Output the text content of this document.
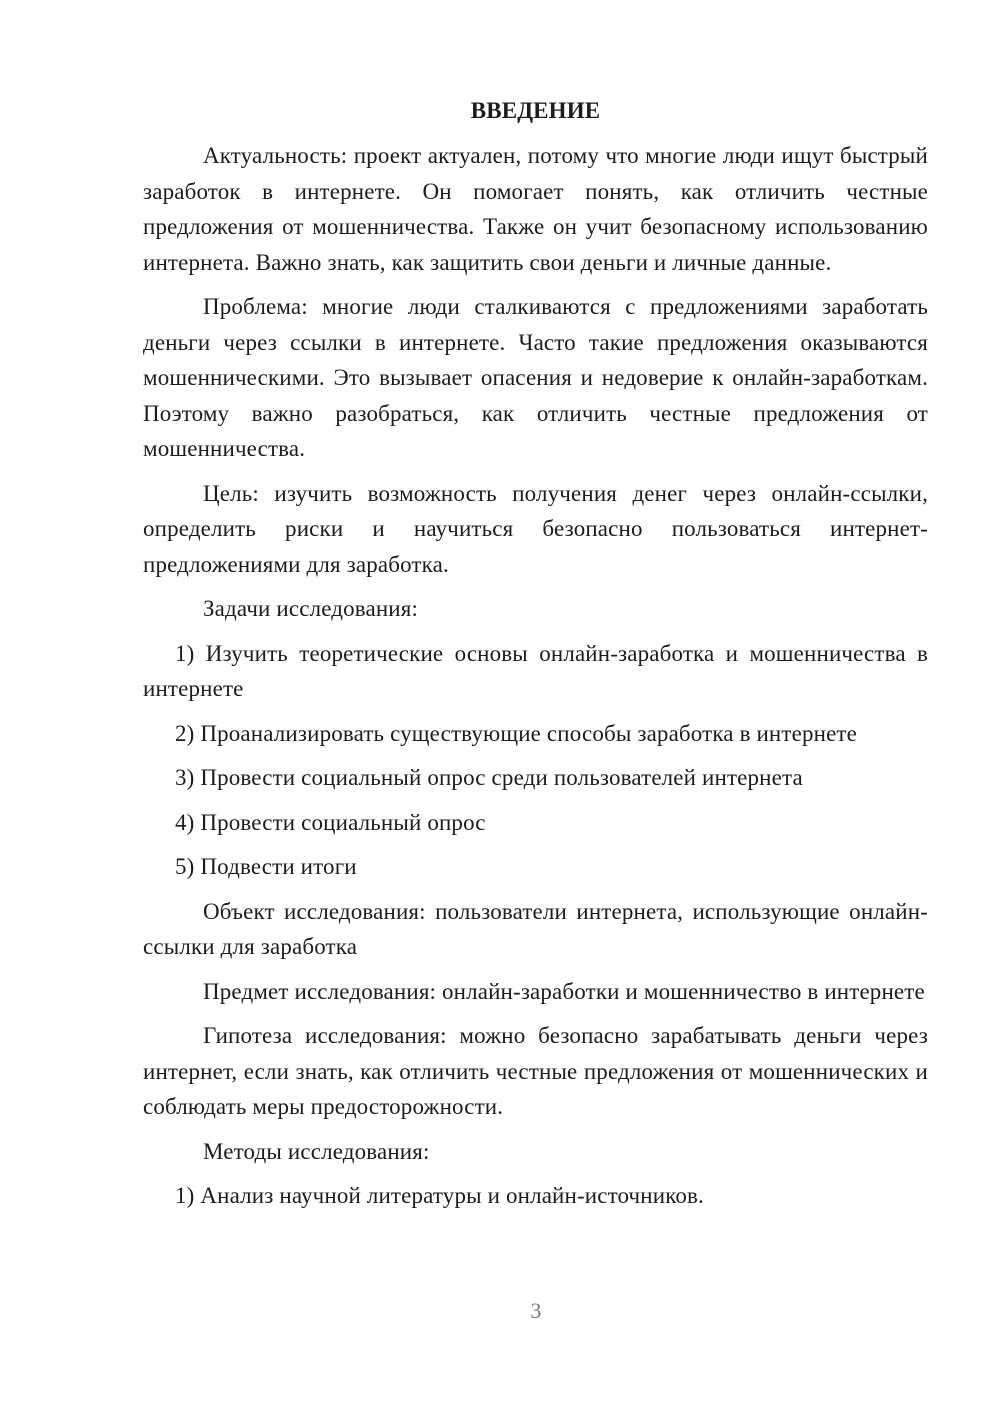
ВВЕДЕНИЕ

Актуальность: проект актуален, потому что многие люди ищут быстрый заработок в интернете. Он помогает понять, как отличить честные предложения от мошенничества. Также он учит безопасному использованию интернета. Важно знать, как защитить свои деньги и личные данные.

Проблема: многие люди сталкиваются с предложениями заработать деньги через ссылки в интернете. Часто такие предложения оказываются мошенническими. Это вызывает опасения и недоверие к онлайн-заработкам. Поэтому важно разобраться, как отличить честные предложения от мошенничества.

Цель: изучить возможность получения денег через онлайн-ссылки, определить риски и научиться безопасно пользоваться интернет-предложениями для заработка.

Задачи исследования:

1) Изучить теоретические основы онлайн-заработка и мошенничества в интернете
2) Проанализировать существующие способы заработка в интернете
3) Провести социальный опрос среди пользователей интернета
4) Провести социальный опрос
5) Подвести итоги

Объект исследования: пользователи интернета, использующие онлайн-ссылки для заработка

Предмет исследования: онлайн-заработки и мошенничество в интернете

Гипотеза исследования: можно безопасно зарабатывать деньги через интернет, если знать, как отличить честные предложения от мошеннических и соблюдать меры предосторожности.

Методы исследования:

1) Анализ научной литературы и онлайн-источников.
3
